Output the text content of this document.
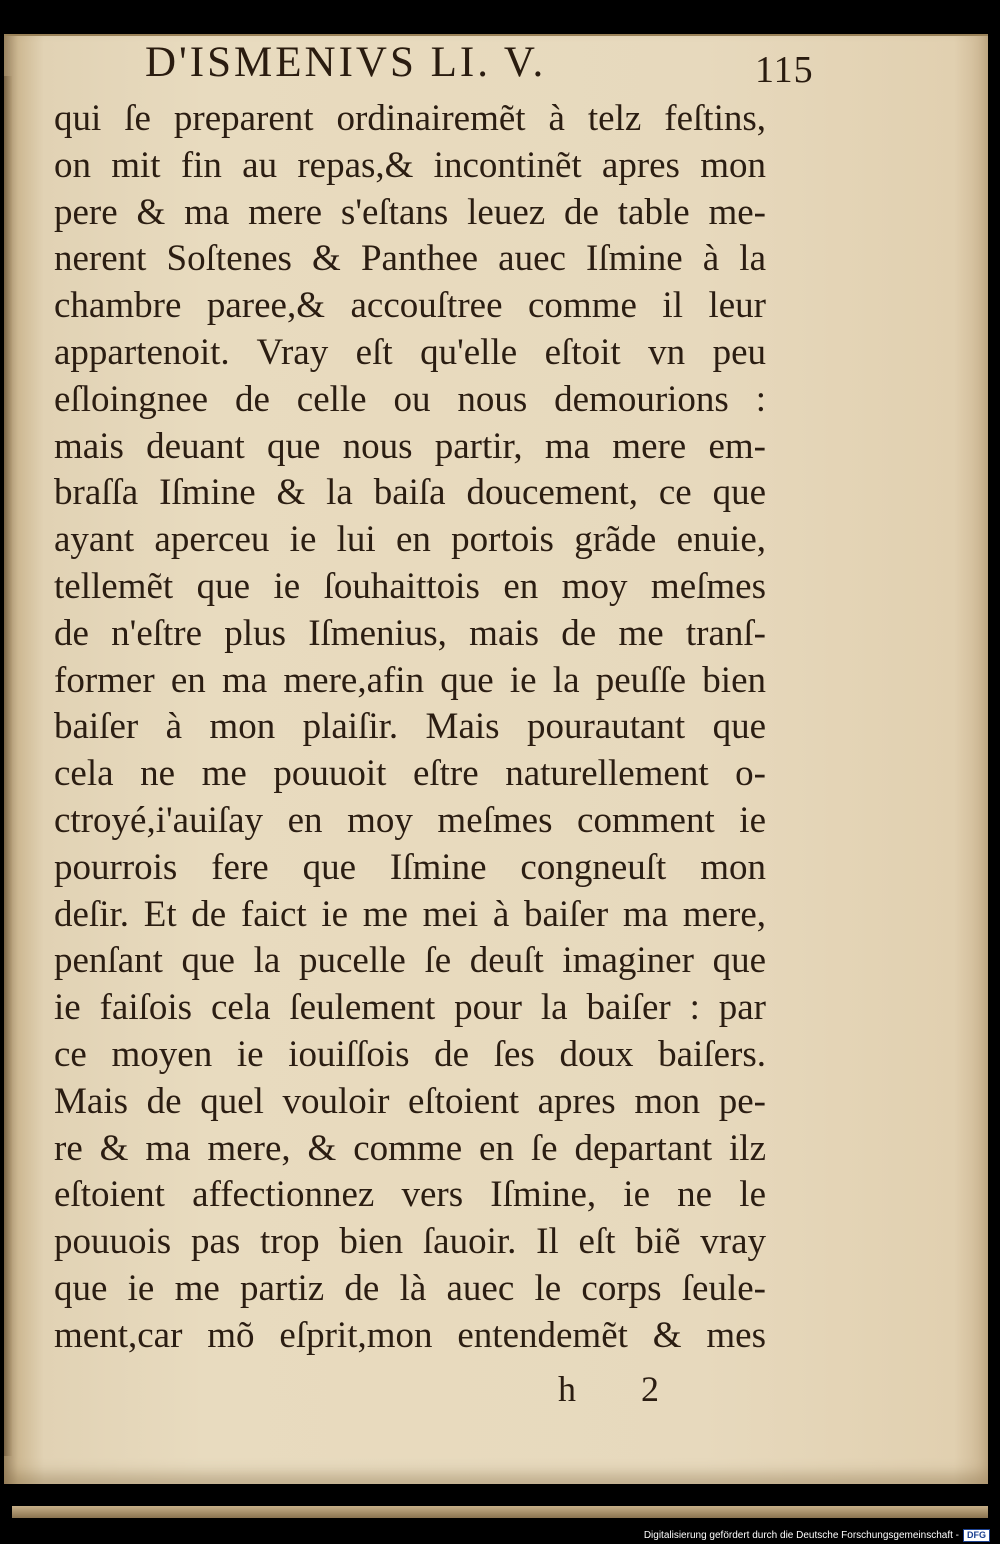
D'ISMENIVS LI. V.	115
qui ſe preparent ordinairemẽt à telz feſtins,
on mit fin au repas,& incontinẽt apres mon
pere & ma mere s'eſtans leuez de table me-
nerent Soſtenes & Panthee auec Iſmine à la
chambre paree,& accouſtree comme il leur
appartenoit. Vray eſt qu'elle eſtoit vn peu
eſloingnee de celle ou nous demourions :
mais deuant que nous partir, ma mere em-
braſſa Iſmine & la baiſa doucement, ce que
ayant aperceu ie lui en portois grãde enuie,
tellemẽt que ie ſouhaittois en moy meſmes
de n'eſtre plus Iſmenius, mais de me tranſ-
former en ma mere,afin que ie la peuſſe bien
baiſer à mon plaiſir. Mais pourautant que
cela ne me pouuoit eſtre naturellement o-
ctroyé,i'auiſay en moy meſmes comment ie
pourrois fere que Iſmine congneuſt mon
deſir. Et de faict ie me mei à baiſer ma mere,
penſant que la pucelle ſe deuſt imaginer que
ie faiſois cela ſeulement pour la baiſer : par
ce moyen ie iouiſſois de ſes doux baiſers.
Mais de quel vouloir eſtoient apres mon pe-
re & ma mere, & comme en ſe departant ilz
eſtoient affectionnez vers Iſmine, ie ne le
pouuois pas trop bien ſauoir. Il eſt biẽ vray
que ie me partiz de là auec le corps ſeule-
ment,car mõ eſprit,mon entendemẽt & mes
h 2
Digitalisierung gefördert durch die Deutsche Forschungsgemeinschaft - DFG
